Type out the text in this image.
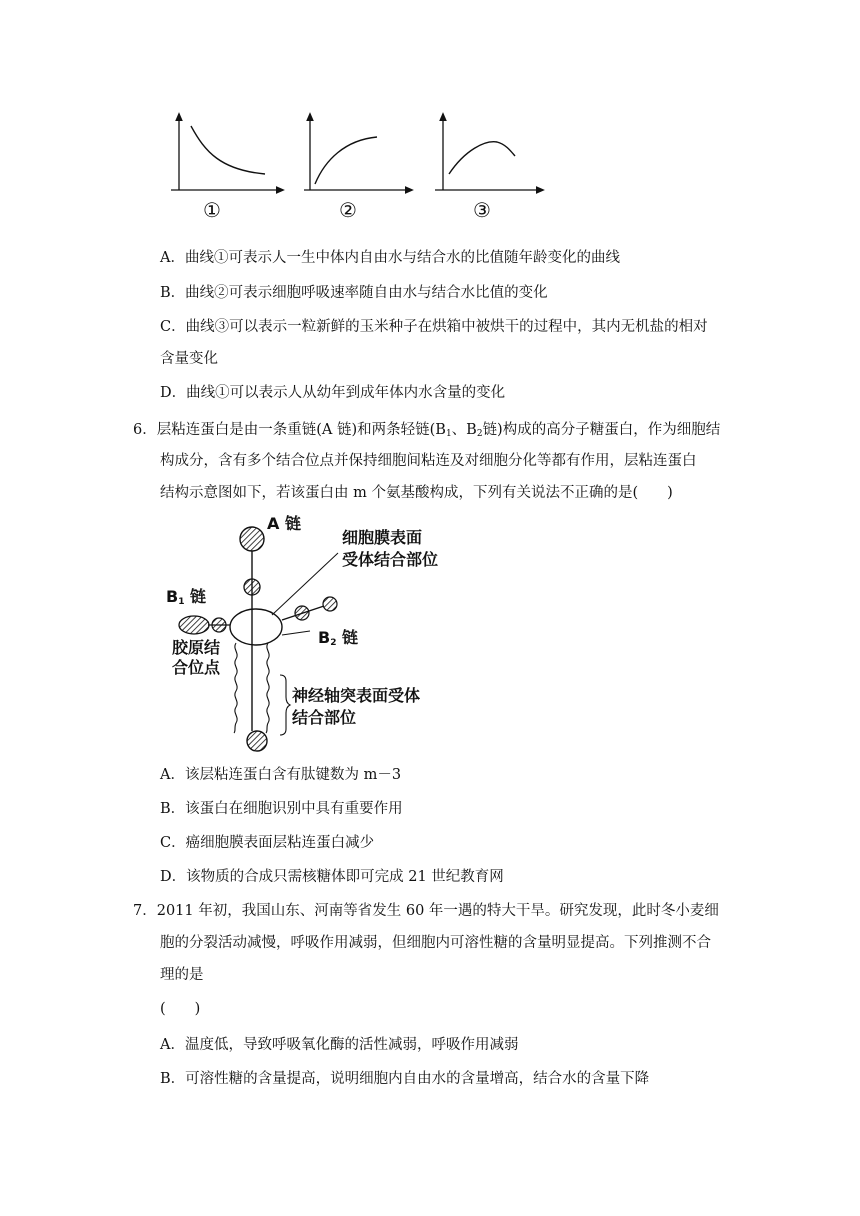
①	②	③
A．曲线①可表示人一生中体内自由水与结合水的比值随年龄变化的曲线
B．曲线②可表示细胞呼吸速率随自由水与结合水比值的变化
C．曲线③可以表示一粒新鲜的玉米种子在烘箱中被烘干的过程中，其内无机盐的相对
含量变化
D．曲线①可以表示人从幼年到成年体内水含量的变化
6．层粘连蛋白是由一条重链(A 链)和两条轻链($B_1$、$B_2$链)构成的高分子糖蛋白，作为细胞结
构成分，含有多个结合位点并保持细胞间粘连及对细胞分化等都有作用，层粘连蛋白
结构示意图如下，若该蛋白由 m 个氨基酸构成，下列有关说法不正确的是(　　)
A 链
细胞膜表面
受体结合部位
$B_1$ 链
$B_2$ 链
胶原结
合位点
神经轴突表面受体
结合部位
A．该层粘连蛋白含有肽键数为 m－3
B．该蛋白在细胞识别中具有重要作用
C．癌细胞膜表面层粘连蛋白减少
D．该物质的合成只需核糖体即可完成 21 世纪教育网
7．2011 年初，我国山东、河南等省发生 60 年一遇的特大干旱。研究发现，此时冬小麦细
胞的分裂活动减慢，呼吸作用减弱，但细胞内可溶性糖的含量明显提高。下列推测不合
理的是
(　　)
A．温度低，导致呼吸氧化酶的活性减弱，呼吸作用减弱
B．可溶性糖的含量提高，说明细胞内自由水的含量增高，结合水的含量下降
